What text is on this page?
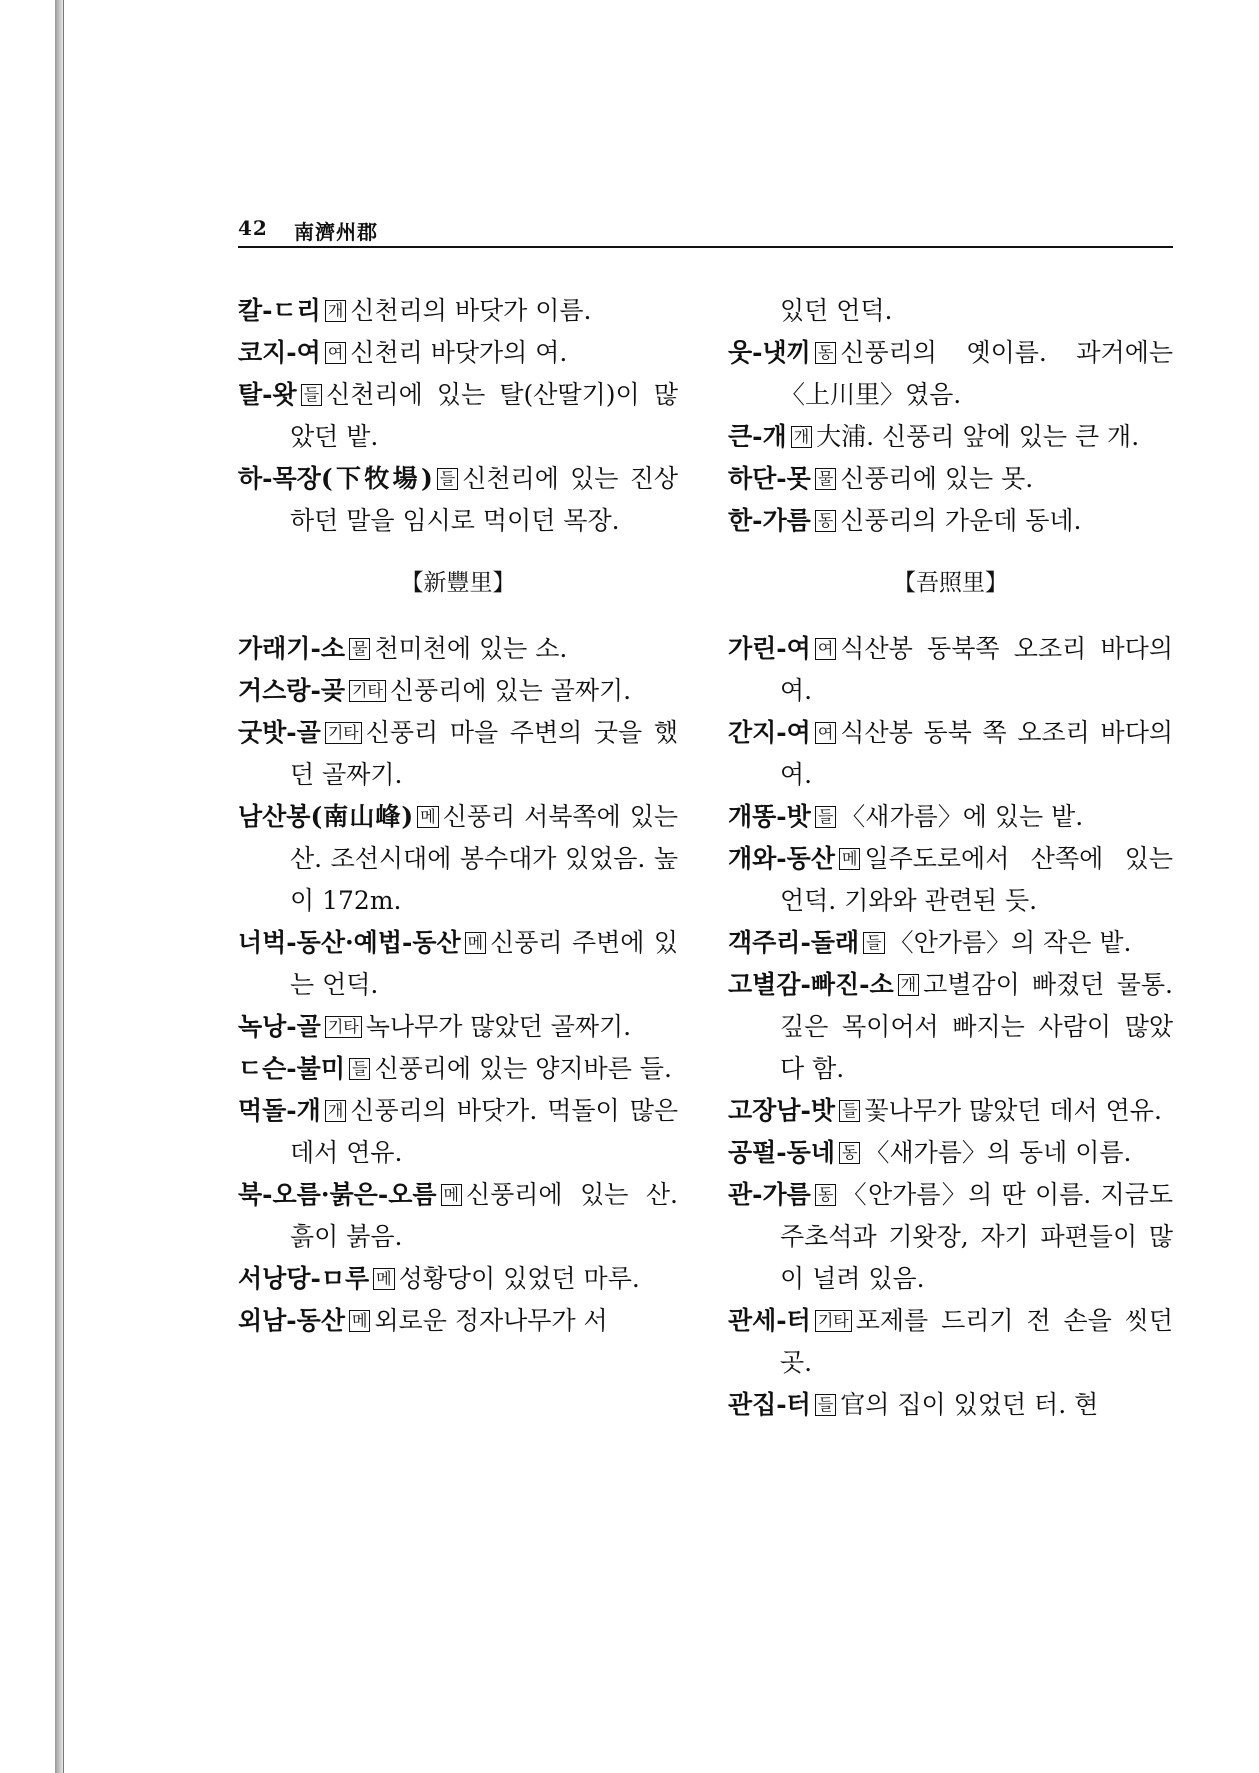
42 南濟州郡
칼-ㄷ리 개 신천리의 바닷가 이름.
코지-여 여 신천리 바닷가의 여.
탈-왓 들 신천리에 있는 탈(산딸기)이 많았던 밭.
하-목장(下牧場) 들 신천리에 있는 진상하던 말을 임시로 먹이던 목장.
【新豐里】
가래기-소 물 천미천에 있는 소.
거스랑-곶 기타 신풍리에 있는 골짜기.
굿밧-골 기타 신풍리 마을 주변의 굿을 했던 골짜기.
남산봉(南山峰) 메 신풍리 서북쪽에 있는 산. 조선시대에 봉수대가 있었음. 높이 172m.
너벅-동산·예법-동산 메 신풍리 주변에 있는 언덕.
녹낭-골 기타 녹나무가 많았던 골짜기.
ㄷ슨-불미 들 신풍리에 있는 양지바른 들.
먹돌-개 개 신풍리의 바닷가. 먹돌이 많은 데서 연유.
북-오름·붉은-오름 메 신풍리에 있는 산. 흙이 붉음.
서낭당-ㅁ루 메 성황당이 있었던 마루.
외남-동산 메 외로운 정자나무가 서
있던 언덕.
웃-냇끼 동 신풍리의 옛이름. 과거에는 〈上川里〉였음.
큰-개 개 大浦. 신풍리 앞에 있는 큰 개.
하단-못 물 신풍리에 있는 못.
한-가름 동 신풍리의 가운데 동네.
【吾照里】
가린-여 여 식산봉 동북쪽 오조리 바다의 여.
간지-여 여 식산봉 동북 쪽 오조리 바다의 여.
개똥-밧 들 〈새가름〉에 있는 밭.
개와-동산 메 일주도로에서 산쪽에 있는 언덕. 기와와 관련된 듯.
객주리-돌래 들 〈안가름〉의 작은 밭.
고별감-빠진-소 개 고별감이 빠졌던 물통. 깊은 목이어서 빠지는 사람이 많았다 함.
고장남-밧 들 꽃나무가 많았던 데서 연유.
공펄-동네 동 〈새가름〉의 동네 이름.
관-가름 동 〈안가름〉의 딴 이름. 지금도 주초석과 기왓장, 자기 파편들이 많이 널려 있음.
관세-터 기타 포제를 드리기 전 손을 씻던 곳.
관집-터 들 官의 집이 있었던 터. 현
